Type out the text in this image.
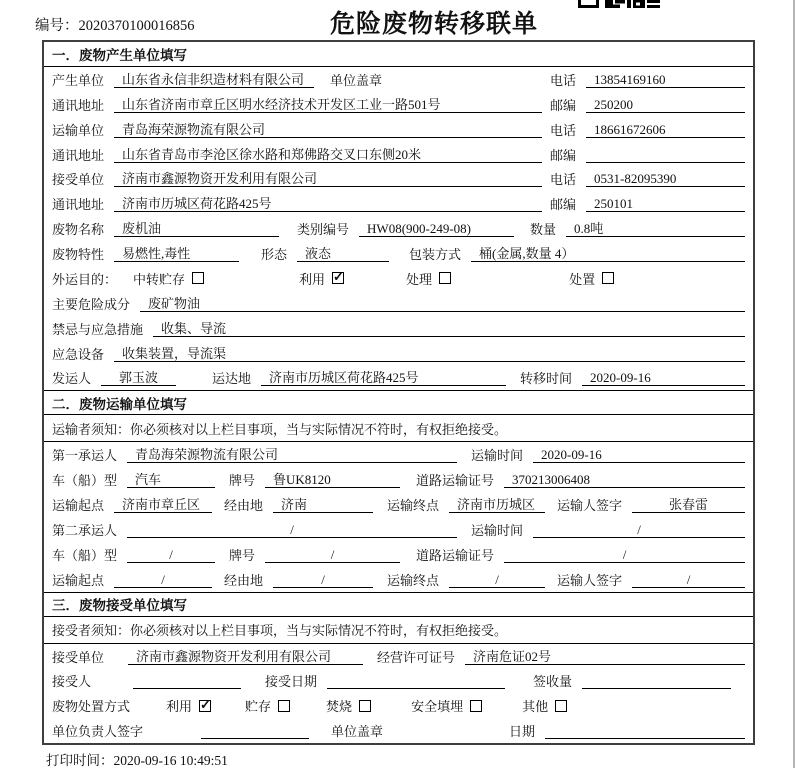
编号：2020370100016856	危险废物转移联单
一．废物产生单位填写
产生单位	山东省永信非织造材料有限公司	单位盖章	电话	13854169160
通讯地址	山东省济南市章丘区明水经济技术开发区工业一路501号	邮编	250200
运输单位	青岛海荣源物流有限公司	电话	18661672606
通讯地址	山东省青岛市李沧区徐水路和郑佛路交叉口东侧20米	邮编
接受单位	济南市鑫源物资开发利用有限公司	电话	0531-82095390
通讯地址	济南市历城区荷花路425号	邮编	250101
废物名称	废机油	类别编号	HW08(900-249-08)	数量	0.8吨
废物特性	易燃性,毒性	形态	液态	包装方式	桶(金属,数量 4）
外运目的： 中转贮存	利用 ✓	处理	处置
主要危险成分	废矿物油
禁忌与应急措施	收集、导流
应急设备	收集装置，导流渠
发运人	郭玉波	运达地	济南市历城区荷花路425号	转移时间	2020-09-16
二．废物运输单位填写
运输者须知：你必须核对以上栏目事项，当与实际情况不符时，有权拒绝接受。
第一承运人	青岛海荣源物流有限公司	运输时间	2020-09-16
车（船）型	汽车	牌号	鲁UK8120	道路运输证号	370213006408
运输起点	济南市章丘区	经由地	济南	运输终点	济南市历城区	运输人签字	张春雷
第二承运人	/	运输时间	/
车（船）型	/	牌号	/	道路运输证号	/
运输起点	/	经由地	/	运输终点	/	运输人签字	/
三．废物接受单位填写
接受者须知：你必须核对以上栏目事项，当与实际情况不符时，有权拒绝接受。
接受单位	济南市鑫源物资开发利用有限公司	经营许可证号	济南危证02号
接受人	接受日期	签收量
废物处置方式	利用 ✓	贮存	焚烧	安全填埋	其他
单位负责人签字	单位盖章	日期
打印时间：2020-09-16 10:49:51
